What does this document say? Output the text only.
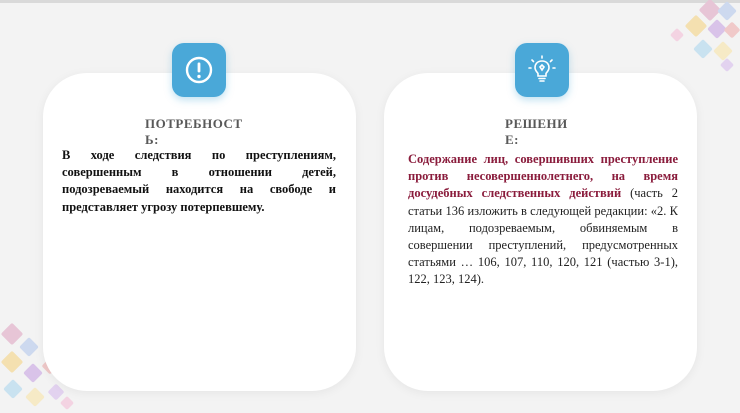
ПОТРЕБНОСТ
Ь:
В ходе следствия по преступлениям, совершенным в отношении детей, подозреваемый находится на свободе и представляет угрозу потерпевшему.
РЕШЕНИ
Е:
Содержание лиц, совершивших преступление против несовершеннолетнего, на время досудебных следственных действий (часть 2 статьи 136 изложить в следующей редакции: «2. К лицам, подозреваемым, обвиняемым в совершении преступлений, предусмотренных статьями … 106, 107, 110, 120, 121 (частью 3-1), 122, 123, 124).
